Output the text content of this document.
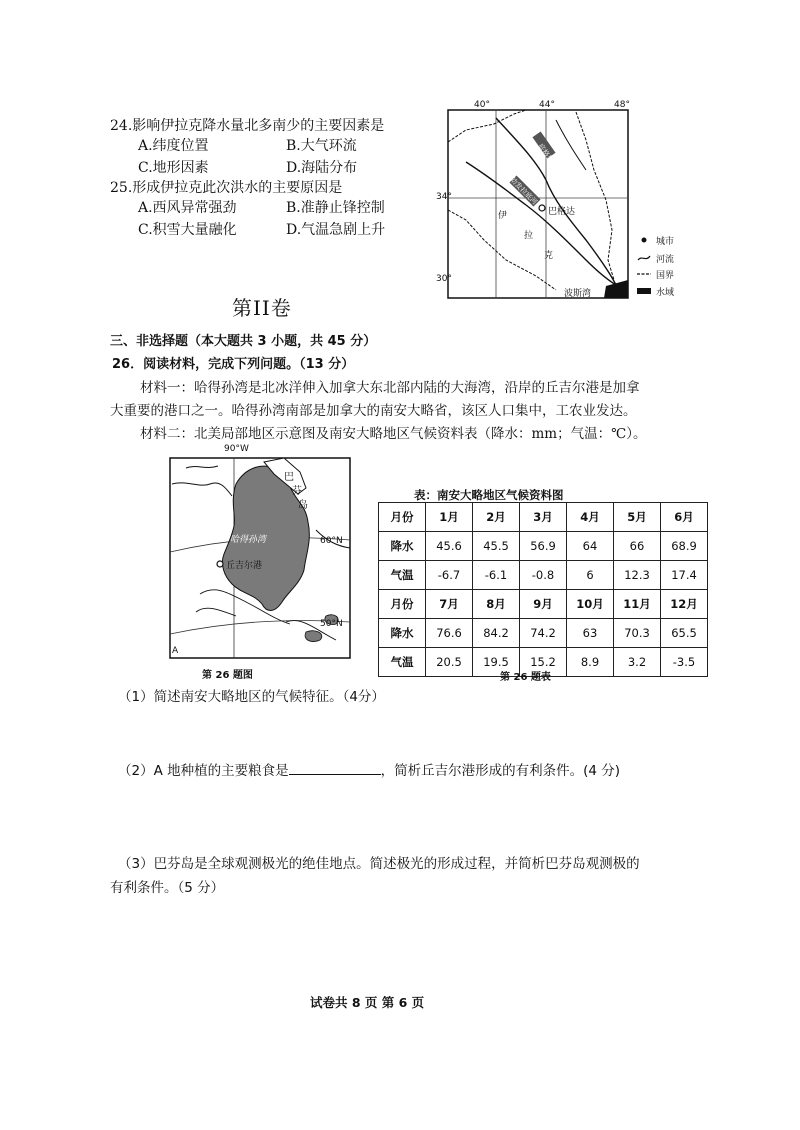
24.影响伊拉克降水量北多南少的主要因素是
A.纬度位置	B.大气环流
C.地形因素	D.海陆分布
25.形成伊拉克此次洪水的主要原因是
A.西风异常强劲	B.准静止锋控制
C.积雪大量融化	D.气温急剧上升
40°	44°	48°
34°
30°
底格里斯河
幼发拉底河
巴格达
伊
拉
克
波斯湾
城市
河流
国界
水域
第II卷
三、非选择题（本大题共 3 小题，共 45 分）
26．阅读材料，完成下列问题。（13 分）
材料一：哈得孙湾是北冰洋伸入加拿大东北部内陆的大海湾，沿岸的丘吉尔港是加拿
大重要的港口之一。哈得孙湾南部是加拿大的南安大略省，该区人口集中，工农业发达。
材料二：北美局部地区示意图及南安大略地区气候资料表（降水：mm；气温：℃）。
90°W
60°N
50°N
哈得孙湾
丘吉尔港
巴
芬
岛
A
第 26 题图
表：南安大略地区气候资料图
月份	1月	2月	3月	4月	5月	6月
降水	45.6	45.5	56.9	64	66	68.9
气温	-6.7	-6.1	-0.8	6	12.3	17.4
月份	7月	8月	9月	10月	11月	12月
降水	76.6	84.2	74.2	63	70.3	65.5
气温	20.5	19.5	15.2	8.9	3.2	-3.5
第 26 题表
（1）简述南安大略地区的气候特征。（4分）
（2）A 地种植的主要粮食是	，简析丘吉尔港形成的有利条件。(4 分)
（3）巴芬岛是全球观测极光的绝佳地点。简述极光的形成过程，并简析巴芬岛观测极的
有利条件。（5 分）
试卷共 8 页 第 6 页
